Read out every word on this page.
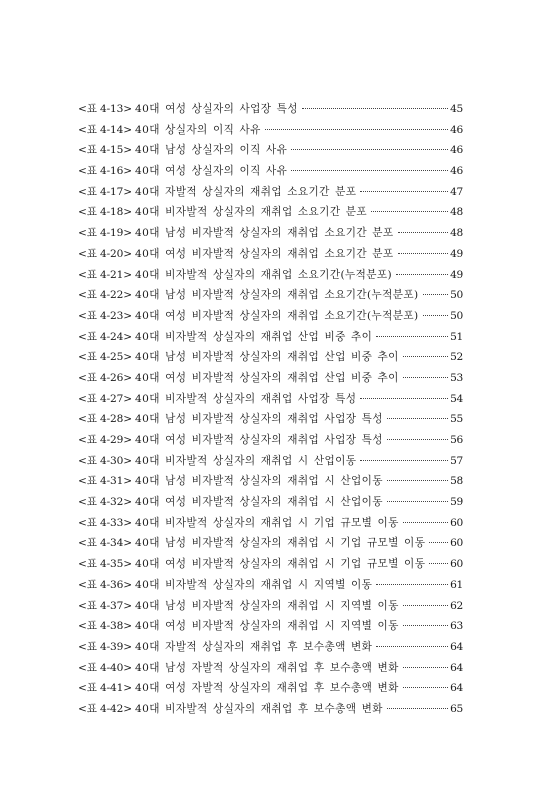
<표 4-13> 40대 여성 상실자의 사업장 특성	45
<표 4-14> 40대 상실자의 이직 사유	46
<표 4-15> 40대 남성 상실자의 이직 사유	46
<표 4-16> 40대 여성 상실자의 이직 사유	46
<표 4-17> 40대 자발적 상실자의 재취업 소요기간 분포	47
<표 4-18> 40대 비자발적 상실자의 재취업 소요기간 분포	48
<표 4-19> 40대 남성 비자발적 상실자의 재취업 소요기간 분포	48
<표 4-20> 40대 여성 비자발적 상실자의 재취업 소요기간 분포	49
<표 4-21> 40대 비자발적 상실자의 재취업 소요기간(누적분포)	49
<표 4-22> 40대 남성 비자발적 상실자의 재취업 소요기간(누적분포)	50
<표 4-23> 40대 여성 비자발적 상실자의 재취업 소요기간(누적분포)	50
<표 4-24> 40대 비자발적 상실자의 재취업 산업 비중 추이	51
<표 4-25> 40대 남성 비자발적 상실자의 재취업 산업 비중 추이	52
<표 4-26> 40대 여성 비자발적 상실자의 재취업 산업 비중 추이	53
<표 4-27> 40대 비자발적 상실자의 재취업 사업장 특성	54
<표 4-28> 40대 남성 비자발적 상실자의 재취업 사업장 특성	55
<표 4-29> 40대 여성 비자발적 상실자의 재취업 사업장 특성	56
<표 4-30> 40대 비자발적 상실자의 재취업 시 산업이동	57
<표 4-31> 40대 남성 비자발적 상실자의 재취업 시 산업이동	58
<표 4-32> 40대 여성 비자발적 상실자의 재취업 시 산업이동	59
<표 4-33> 40대 비자발적 상실자의 재취업 시 기업 규모별 이동	60
<표 4-34> 40대 남성 비자발적 상실자의 재취업 시 기업 규모별 이동 60
<표 4-35> 40대 여성 비자발적 상실자의 재취업 시 기업 규모별 이동 60
<표 4-36> 40대 비자발적 상실자의 재취업 시 지역별 이동	61
<표 4-37> 40대 남성 비자발적 상실자의 재취업 시 지역별 이동	62
<표 4-38> 40대 여성 비자발적 상실자의 재취업 시 지역별 이동	63
<표 4-39> 40대 자발적 상실자의 재취업 후 보수총액 변화	64
<표 4-40> 40대 남성 자발적 상실자의 재취업 후 보수총액 변화	64
<표 4-41> 40대 여성 자발적 상실자의 재취업 후 보수총액 변화	64
<표 4-42> 40대 비자발적 상실자의 재취업 후 보수총액 변화	65
